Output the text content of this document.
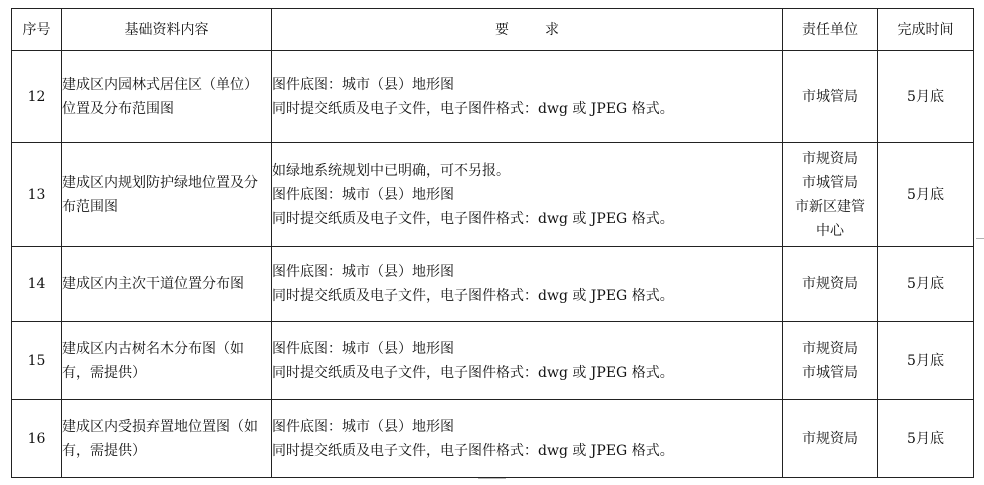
序号	基础资料内容	要 求	责任单位	完成时间
12	建成区内园林式居住区（单位）位置及分布范围图	图件底图：城市（县）地形图
同时提交纸质及电子文件，电子图件格式：dwg 或 JPEG 格式。	市城管局	5月底
13	建成区内规划防护绿地位置及分布范围图	如绿地系统规划中已明确，可不另报。
图件底图：城市（县）地形图
同时提交纸质及电子文件，电子图件格式：dwg 或 JPEG 格式。	市规资局
市城管局
市新区建管
中心	5月底
14	建成区内主次干道位置分布图	图件底图：城市（县）地形图
同时提交纸质及电子文件，电子图件格式：dwg 或 JPEG 格式。	市规资局	5月底
15	建成区内古树名木分布图（如有，需提供）	图件底图：城市（县）地形图
同时提交纸质及电子文件，电子图件格式：dwg 或 JPEG 格式。	市规资局
市城管局	5月底
16	建成区内受损弃置地位置图（如有，需提供）	图件底图：城市（县）地形图
同时提交纸质及电子文件，电子图件格式：dwg 或 JPEG 格式。	市规资局	5月底
